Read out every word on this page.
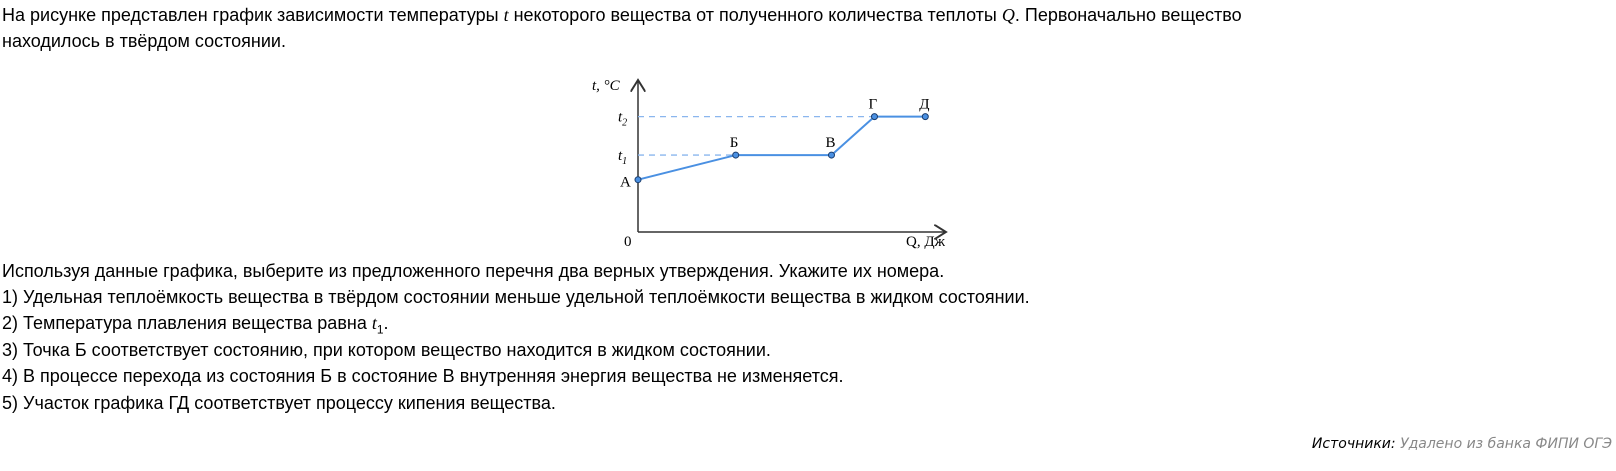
На рисунке представлен график зависимости температуры t некоторого вещества от полученного количества теплоты Q. Первоначально вещество
находилось в твёрдом состоянии.
t, °C
Q, Дж
0
$t_1$
$t_2$
А
Б	В
Г	Д
Используя данные графика, выберите из предложенного перечня два верных утверждения. Укажите их номера.
1) Удельная теплоёмкость вещества в твёрдом состоянии меньше удельной теплоёмкости вещества в жидком состоянии.
2) Температура плавления вещества равна $t_1$.
3) Точка Б соответствует состоянию, при котором вещество находится в жидком состоянии.
4) В процессе перехода из состояния Б в состояние В внутренняя энергия вещества не изменяется.
5) Участок графика ГД соответствует процессу кипения вещества.
Источники: Удалено из банка ФИПИ ОГЭ
